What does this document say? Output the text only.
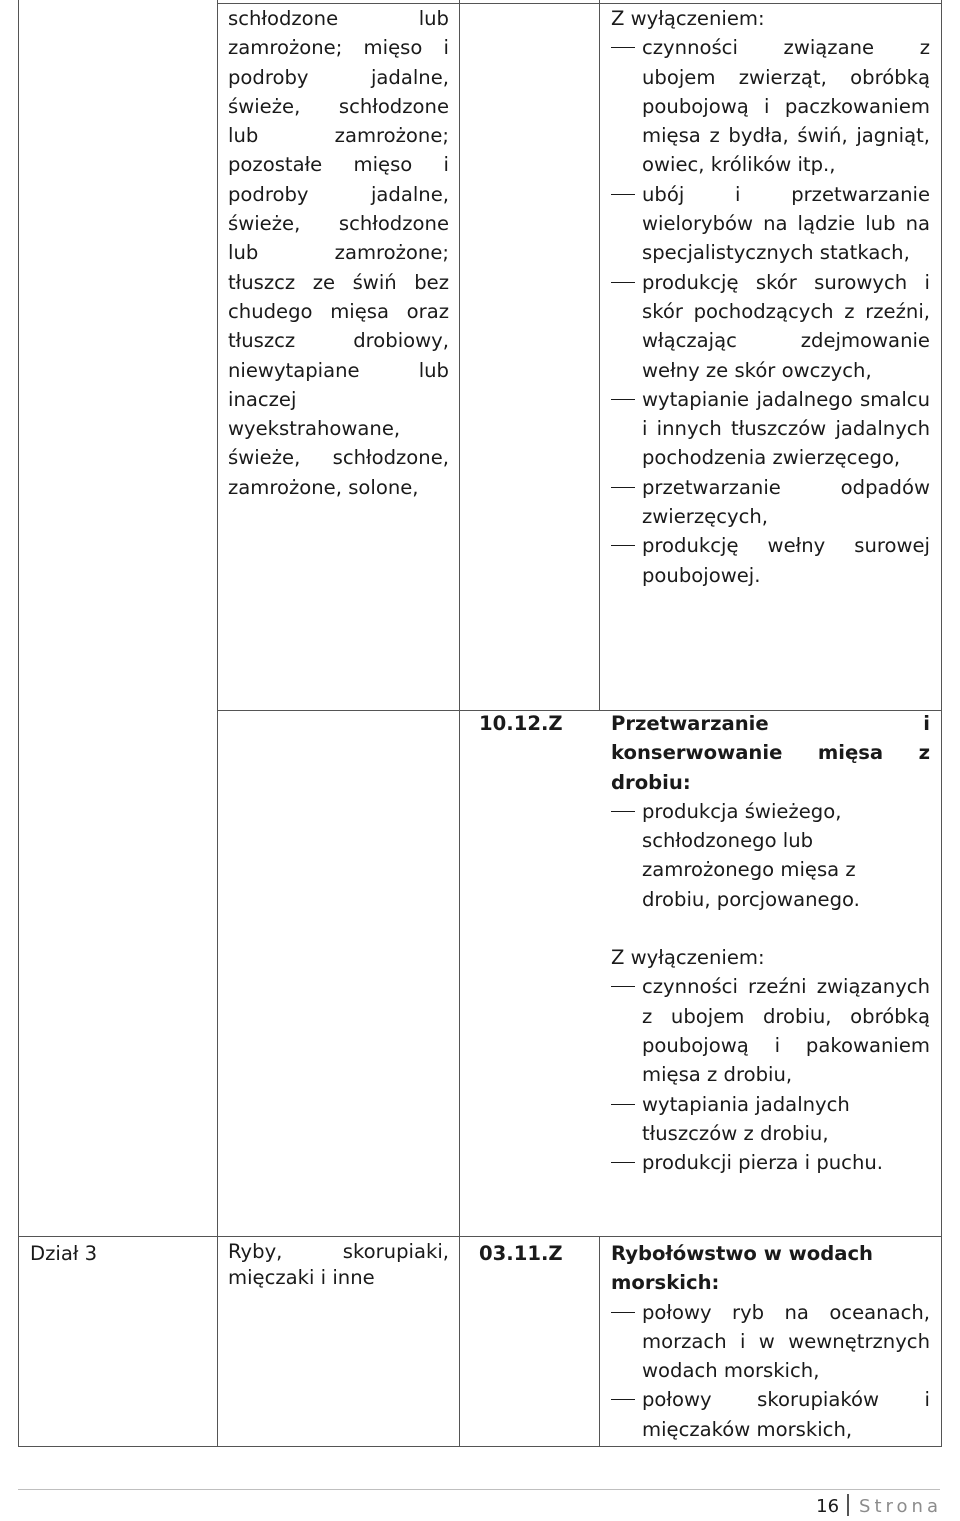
schłodzone lub zamrożone; mięso i podroby jadalne, świeże, schłodzone lub zamrożone; pozostałe mięso i podroby jadalne, świeże, schłodzone lub zamrożone; tłuszcz ze świń bez chudego mięsa oraz tłuszcz drobiowy, niewytapiane lub inaczej wyekstrahowane, świeże, schłodzone, zamrożone, solone,
Z wyłączeniem:
czynności związane z ubojem zwierząt, obróbką poubojową i paczkowaniem mięsa z bydła, świń, jagniąt, owiec, królików itp.,
ubój i przetwarzanie wielorybów na lądzie lub na specjalistycznych statkach,
produkcję skór surowych i skór pochodzących z rzeźni, włączając zdejmowanie wełny ze skór owczych,
wytapianie jadalnego smalcu i innych tłuszczów jadalnych pochodzenia zwierzęcego,
przetwarzanie odpadów zwierzęcych,
produkcję wełny surowej poubojowej.
10.12.Z Przetwarzanie i konserwowanie mięsa z drobiu:
produkcja świeżego, schłodzonego lub zamrożonego mięsa z drobiu, porcjowanego.
Z wyłączeniem:
czynności rzeźni związanych z ubojem drobiu, obróbką poubojową i pakowaniem mięsa z drobiu,
wytapiania jadalnych tłuszczów z drobiu,
produkcji pierza i puchu.
Dział 3	Ryby, skorupiaki, mięczaki i inne
03.11.Z Rybołówstwo w wodach morskich:
połowy ryb na oceanach, morzach i w wewnętrznych wodach morskich,
połowy skorupiaków i mięczaków morskich,
16 Strona
